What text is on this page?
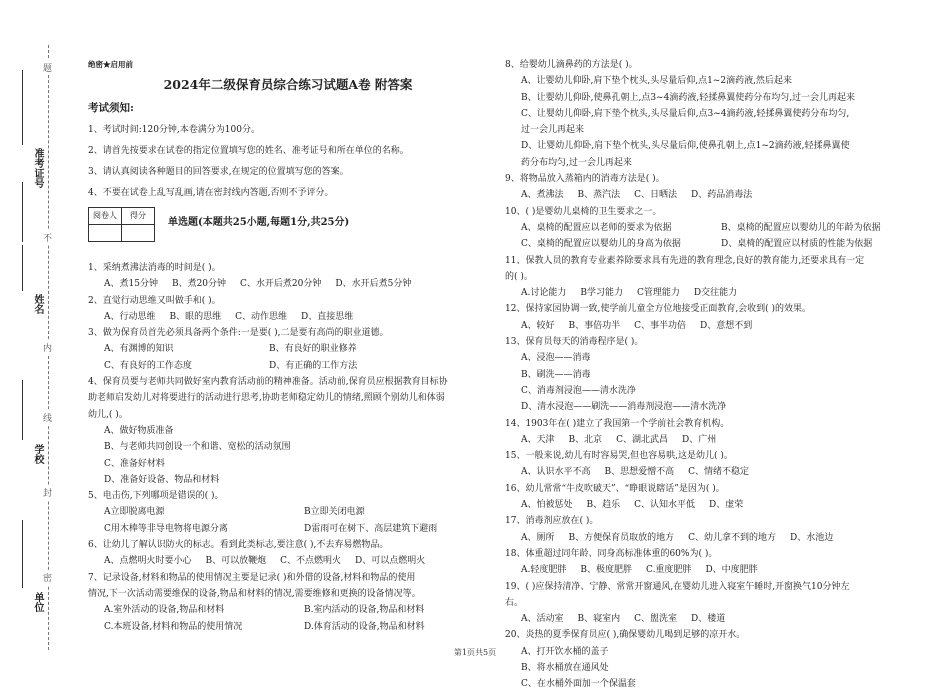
题
不
内
线
封
密
准考证号
姓名
学校
单位

绝密★启用前

2024年二级保育员综合练习试题A卷 附答案

考试须知:

1、考试时间:120分钟,本卷满分为100分。

2、请首先按要求在试卷的指定位置填写您的姓名、准考证号和所在单位的名称。

3、请认真阅读各种题目的回答要求,在规定的位置填写您的答案。

4、不要在试卷上乱写乱画,请在密封线内答题,否则不予评分。

阅卷人	得分

单选题(本题共25小题,每题1分,共25分)

1、采纳煮沸法消毒的时间是( )。

A、煮15分钟 B、煮20分钟 C、水开后煮20分钟 D、水开后煮5分钟

2、直觉行动思维又叫做手和( )。

A、行动思维 B、眼的思维 C、动作思维 D、直接思维

3、做为保育员首先必须具备两个条件:一是要( ),二是要有高尚的职业道德。

A、有渊博的知识	B、有良好的职业修养

C、有良好的工作态度	D、有正确的工作方法

4、保育员要与老师共同做好室内教育活动前的精神准备。活动前,保育员应根据教育目标协

助老师启发幼儿对将要进行的活动进行思考,协助老师稳定幼儿的情绪,照顾个别幼儿和体弱

幼儿,( )。

A、做好物质准备

B、与老师共同创设一个和谐、宽松的活动氛围

C、准备好材料

D、准备好设备、物品和材料

5、电击伤,下列哪项是错误的( )。

A立即脱离电源	B立即关闭电源

C用木棒等非导电物将电源分离	D雷雨可在树下、高层建筑下避雨

6、让幼儿了解认识防火的标志。看到此类标志,要注意( ),不去弃易燃物品。

A、点燃明火时要小心 B、可以放鞭炮 C、不点燃明火 D、可以点燃明火

7、记录设备,材料和物品的使用情况主要是记录( )和外借的设备,材料和物品的使用

情况,下一次活动需要维保的设备,物品和材料的情况,需要维修和更换的设备情况等。

A.室外活动的设备,物品和材料	B.室内活动的设备,物品和材料

C.本班设备,材料和物品的使用情况	D.体育活动的设备,物品和材料

8、给婴幼儿滴鼻药的方法是( )。

A、让婴幼儿仰卧,肩下垫个枕头,头尽量后仰,点1~2滴药液,然后起来

B、让婴幼儿仰卧,使鼻孔朝上,点3~4滴药液,轻揉鼻翼使药分布均匀,过一会儿再起来

C、让婴幼儿仰卧,肩下垫个枕头,头尽量后仰,点3~4滴药液,轻揉鼻翼使药分布均匀,

过一会儿再起来

D、让婴幼儿仰卧,肩下垫个枕头,头尽量后仰,使鼻孔朝上,点1~2滴药液,轻揉鼻翼使

药分布均匀,过一会儿再起来

9、将物品放入蒸箱内的消毒方法是( )。

A、煮沸法 B、蒸汽法 C、日晒法 D、药品消毒法

10、( )是婴幼儿桌椅的卫生要求之一。

A、桌椅的配置应以老师的要求为依据	B、桌椅的配置应以婴幼儿的年龄为依据

C、桌椅的配置应以婴幼儿的身高为依据	D、桌椅的配置应以材质的性能为依据

11、保教人员的教育专业素养除要求具有先进的教育理念,良好的教育能力,还要求具有一定

的( )。

A.讨论能力 B学习能力 C管理能力 D交往能力

12、保持家园协调一致,使学前儿童全方位地接受正面教育,会收到( )的效果。

A、较好 B、事倍功半 C、事半功倍 D、意想不到

13、保育员每天的消毒程序是( )。

A、浸泡——消毒

B、刷洗——消毒

C、消毒剂浸泡——清水洗净

D、清水浸泡——刷洗——消毒剂浸泡——清水洗净

14、1903年在( )建立了我国第一个学前社会教育机构。

A、天津 B、北京 C、湖北武昌 D、广州

15、一般来说,幼儿有时容易哭,但也容易哄,这是幼儿( )。

A、认识水平不高 B、思想爱憎不高 C、情绪不稳定

16、幼儿常常“牛皮吹破天”、“睁眼说瞎话”是因为( )。

A、怕被惩处 B、趋乐 C、认知水平低 D、虚荣

17、消毒剂应放在( )。

A、厕所 B、方便保育员取放的地方 C、幼儿拿不到的地方 D、水池边

18、体重超过同年龄、同身高标准体重的60%为( )。

A.轻度肥胖 B、极度肥胖 C.重度肥胖 D、中度肥胖

19、( )应保持清净、宁静、常常开窗通风,在婴幼儿进入寝室午睡时,开窗换气10分钟左

右。

A、活动室 B、寝室内 C、盥洗室 D、楼道

20、炎热的夏季保育员应( ),确保婴幼儿喝到足够的凉开水。

A、打开饮水桶的盖子

B、将水桶放在通风处

C、在水桶外面加一个保温套

第1页共5页
